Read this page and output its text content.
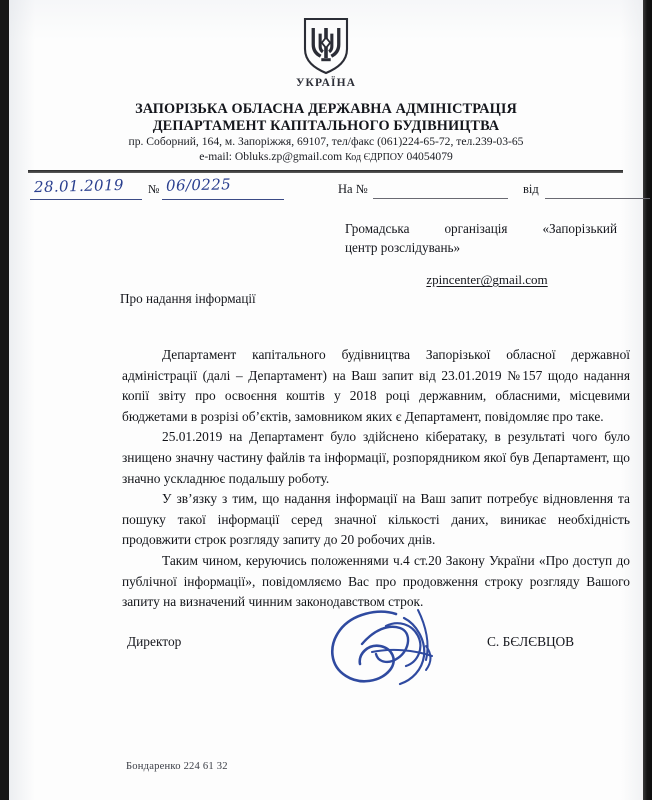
УКРАЇНА
ЗАПОРІЗЬКА ОБЛАСНА ДЕРЖАВНА АДМІНІСТРАЦІЯ
ДЕПАРТАМЕНТ КАПІТАЛЬНОГО БУДІВНИЦТВА
пр. Соборний, 164, м. Запоріжжя, 69107, тел/факс (061)224-65-72, тел.239-03-65
e-mail: Obluks.zp@gmail.com Код ЄДРПОУ 04054079
28.01.2019 № 06/0225	На №	від
Громадська організація «Запорізький
центр розслідувань»
zpincenter@gmail.com
Про надання інформації

Департамент капітального будівництва Запорізької обласної державної адміністрації (далі – Департамент) на Ваш запит від 23.01.2019 №157 щодо надання копії звіту про освоєння коштів у 2018 році державним, обласними, місцевими бюджетами в розрізі об’єктів, замовником яких є Департамент, повідомляє про таке.

25.01.2019 на Департамент було здійснено кібератаку, в результаті чого було знищено значну частину файлів та інформації, розпорядником якої був Департамент, що значно ускладнює подальшу роботу.

У зв’язку з тим, що надання інформації на Ваш запит потребує відновлення та пошуку такої інформації серед значної кількості даних, виникає необхідність продовжити строк розгляду запиту до 20 робочих днів.

Таким чином, керуючись положеннями ч.4 ст.20 Закону України «Про доступ до публічної інформації», повідомляємо Вас про продовження строку розгляду Вашого запиту на визначений чинним законодавством строк.

Директор	С. БЄЛЄВЦОВ
Бондаренко 224 61 32
